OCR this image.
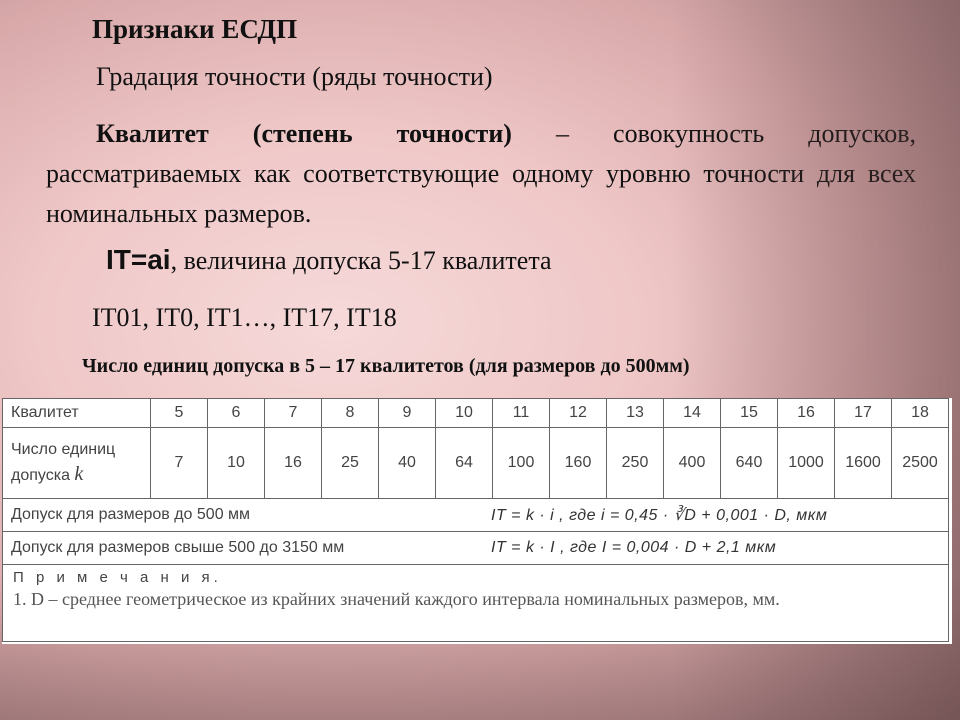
Признаки ЕСДП
Градация точности (ряды точности)
Квалитет (степень точности) – совокупность допусков, рассматриваемых как соответствующие одному уровню точности для всех номинальных размеров.
IT=ai, величина допуска 5-17 квалитета
IT01, IT0, IT1…, IT17, IT18
Число единиц допуска в 5 – 17 квалитетов (для размеров до 500мм)
Квалитет	5	6	7	8	9	10	11	12	13	14	15	16	17	18

Число единиц
допуска k	7	10	16	25	40	64	100	160	250	400	640	1000	1600	2500

Допуск для размеров до 500 мм IT = k · i , где i = 0,45 · ∛D + 0,001 · D, мкм														

Допуск для размеров свыше 500 до 3150 мм IT = k · I , где I = 0,004 · D + 2,1 мкм														

П р и м е ч а н и я.
1. D – среднее геометрическое из крайних значений каждого интервала номинальных размеров, мм.														
